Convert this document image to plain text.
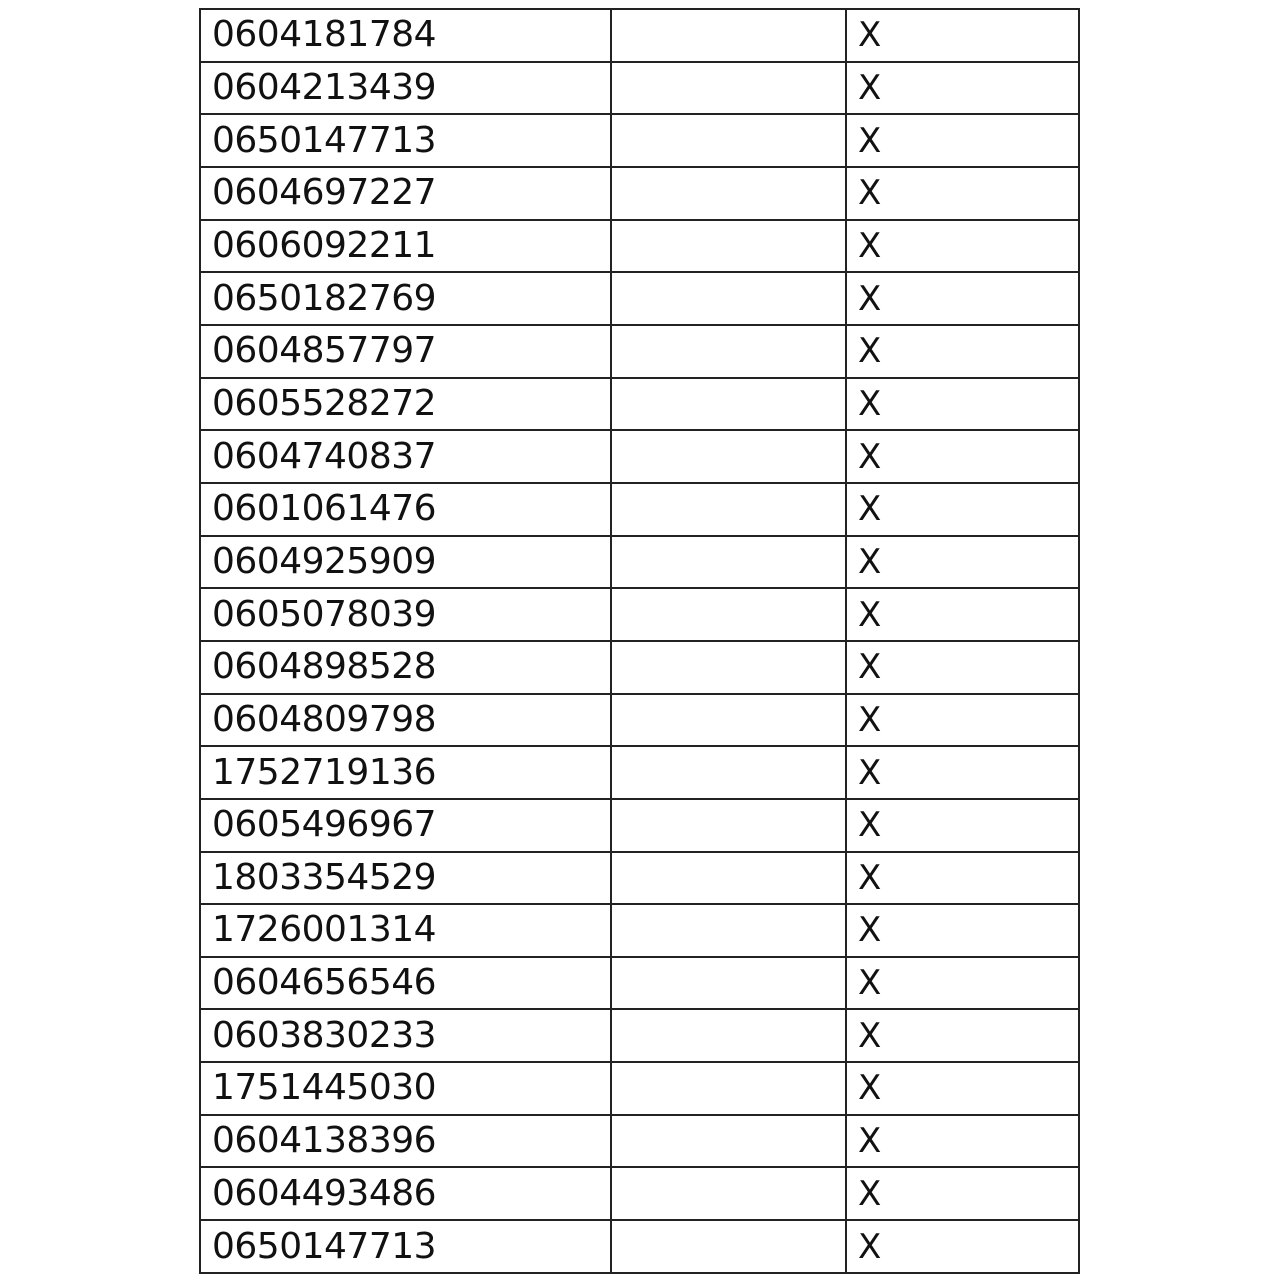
0604181784		X
0604213439		X
0650147713		X
0604697227		X
0606092211		X
0650182769		X
0604857797		X
0605528272		X
0604740837		X
0601061476		X
0604925909		X
0605078039		X
0604898528		X
0604809798		X
1752719136		X
0605496967		X
1803354529		X
1726001314		X
0604656546		X
0603830233		X
1751445030		X
0604138396		X
0604493486		X
0650147713		X
